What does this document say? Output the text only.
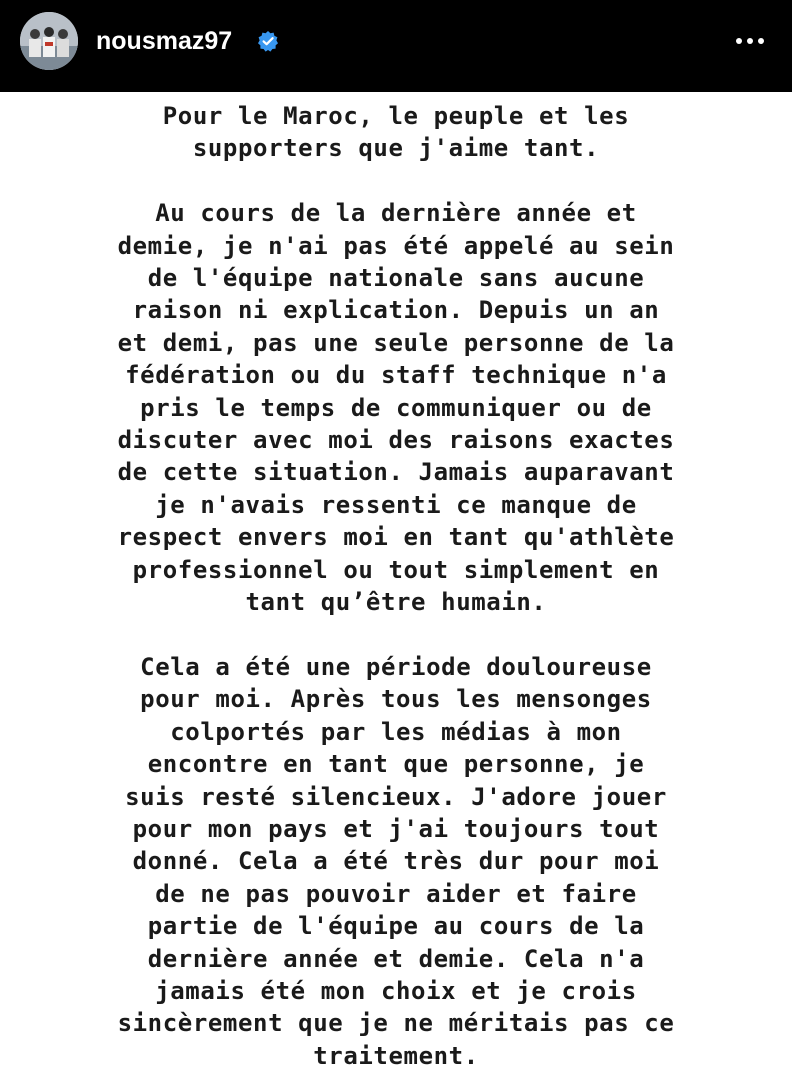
nousmaz97

Pour le Maroc, le peuple et les
supporters que j'aime tant.

Au cours de la dernière année et
demie, je n'ai pas été appelé au sein
de l'équipe nationale sans aucune
raison ni explication. Depuis un an
et demi, pas une seule personne de la
fédération ou du staff technique n'a
pris le temps de communiquer ou de
discuter avec moi des raisons exactes
de cette situation. Jamais auparavant
je n'avais ressenti ce manque de
respect envers moi en tant qu'athlète
professionnel ou tout simplement en
tant qu’être humain.

Cela a été une période douloureuse
pour moi. Après tous les mensonges
colportés par les médias à mon
encontre en tant que personne, je
suis resté silencieux. J'adore jouer
pour mon pays et j'ai toujours tout
donné. Cela a été très dur pour moi
de ne pas pouvoir aider et faire
partie de l'équipe au cours de la
dernière année et demie. Cela n'a
jamais été mon choix et je crois
sincèrement que je ne méritais pas ce
traitement.
